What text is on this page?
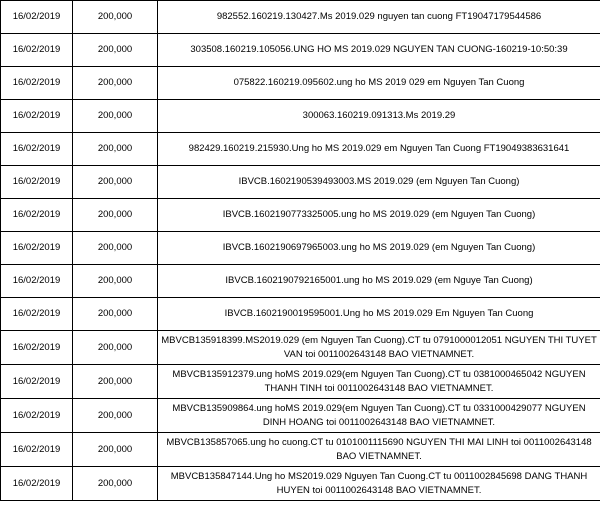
16/02/2019	200,000	982552.160219.130427.Ms 2019.029 nguyen tan cuong FT19047179544586
16/02/2019	200,000	303508.160219.105056.UNG HO MS 2019.029 NGUYEN TAN CUONG-160219-10:50:39
16/02/2019	200,000	075822.160219.095602.ung ho MS 2019 029 em Nguyen Tan Cuong
16/02/2019	200,000	300063.160219.091313.Ms 2019.29
16/02/2019	200,000	982429.160219.215930.Ung ho MS 2019.029 em Nguyen Tan Cuong FT19049383631641
16/02/2019	200,000	IBVCB.1602190539493003.MS 2019.029 (em Nguyen Tan Cuong)
16/02/2019	200,000	IBVCB.1602190773325005.ung ho MS 2019.029 (em Nguyen Tan Cuong)
16/02/2019	200,000	IBVCB.1602190697965003.ung ho MS 2019.029 (em Nguyen Tan Cuong)
16/02/2019	200,000	IBVCB.1602190792165001.ung ho MS 2019.029 (em Nguye Tan Cuong)
16/02/2019	200,000	IBVCB.1602190019595001.Ung ho MS 2019.029 Em Nguyen Tan Cuong
16/02/2019	200,000	MBVCB135918399.MS2019.029 (em Nguyen Tan Cuong).CT tu 0791000012051 NGUYEN THI TUYET
VAN toi 0011002643148 BAO VIETNAMNET.

16/02/2019	200,000	MBVCB135912379.ung hoMS 2019.029(em Nguyen Tan Cuong).CT tu 0381000465042 NGUYEN
THANH TINH toi 0011002643148 BAO VIETNAMNET.

16/02/2019	200,000	MBVCB135909864.ung hoMS 2019.029(em Nguyen Tan Cuong).CT tu 0331000429077 NGUYEN
DINH HOANG toi 0011002643148 BAO VIETNAMNET.

16/02/2019	200,000	MBVCB135857065.ung ho cuong.CT tu 0101001115690 NGUYEN THI MAI LINH toi 0011002643148
BAO VIETNAMNET.

16/02/2019	200,000	MBVCB135847144.Ung ho MS2019.029 Nguyen Tan Cuong.CT tu 0011002845698 DANG THANH
HUYEN toi 0011002643148 BAO VIETNAMNET.
